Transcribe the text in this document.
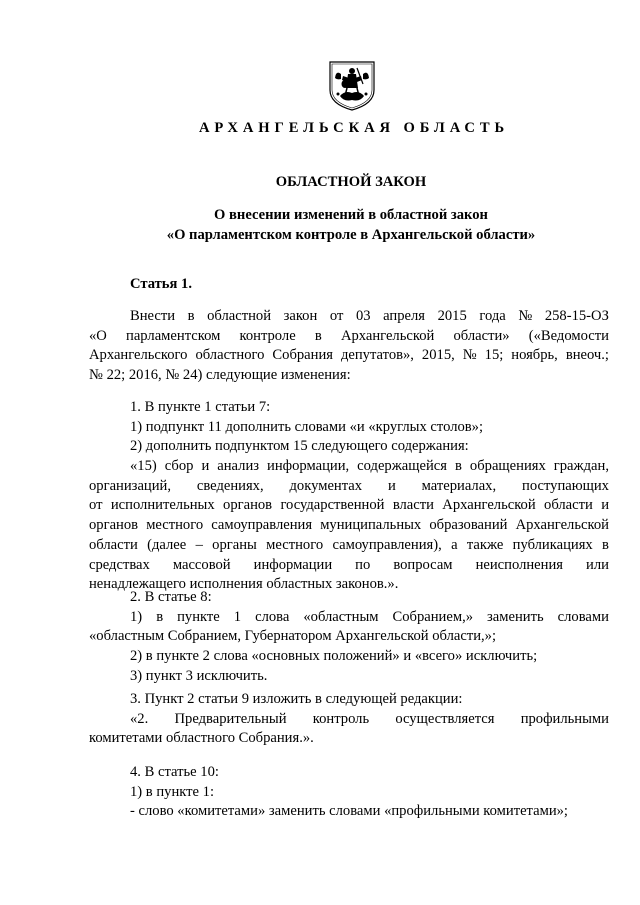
АРХАНГЕЛЬСКАЯ ОБЛАСТЬ
ОБЛАСТНОЙ ЗАКОН
О внесении изменений в областной закон
«О парламентском контроле в Архангельской области»
Статья 1.
Внести в областной закон от 03 апреля 2015 года № 258-15-ОЗ
«О парламентском контроле в Архангельской области» («Ведомости
Архангельского областного Собрания депутатов», 2015, № 15; ноябрь, внеоч.;
№ 22; 2016, № 24) следующие изменения:
1. В пункте 1 статьи 7:
1) подпункт 11 дополнить словами «и «круглых столов»;
2) дополнить подпунктом 15 следующего содержания:
«15) сбор и анализ информации, содержащейся в обращениях граждан,
организаций, сведениях, документах и материалах, поступающих
от исполнительных органов государственной власти Архангельской области и
органов местного самоуправления муниципальных образований Архангельской
области (далее – органы местного самоуправления), а также публикациях в
средствах массовой информации по вопросам неисполнения или
ненадлежащего исполнения областных законов.».
2. В статье 8:
1) в пункте 1 слова «областным Собранием,» заменить словами
«областным Собранием, Губернатором Архангельской области,»;
2) в пункте 2 слова «основных положений» и «всего» исключить;
3) пункт 3 исключить.
3. Пункт 2 статьи 9 изложить в следующей редакции:
«2. Предварительный контроль осуществляется профильными
комитетами областного Собрания.».
4. В статье 10:
1) в пункте 1:
- слово «комитетами» заменить словами «профильными комитетами»;
